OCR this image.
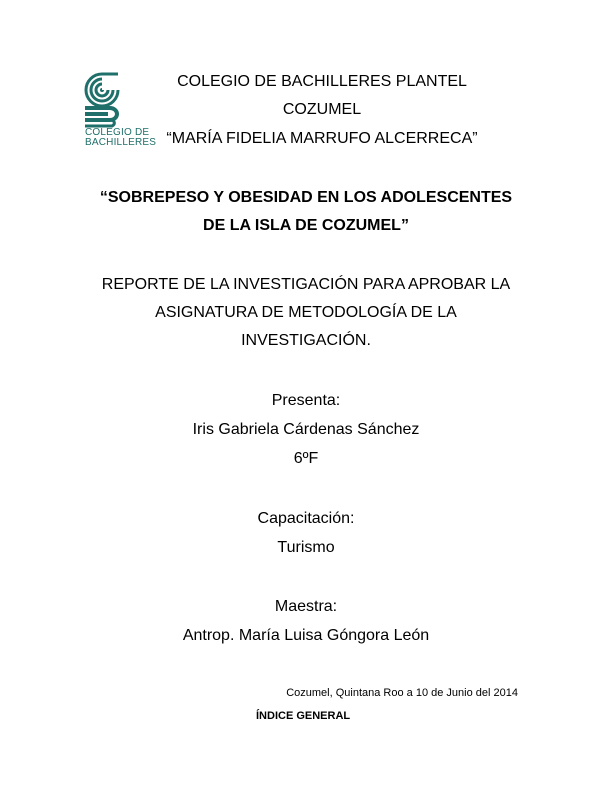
COLEGIO DE
BACHILLERES
COLEGIO DE BACHILLERES PLANTEL
COZUMEL
“MARÍA FIDELIA MARRUFO ALCERRECA”
“SOBREPESO Y OBESIDAD EN LOS ADOLESCENTES
DE LA ISLA DE COZUMEL”
REPORTE DE LA INVESTIGACIÓN PARA APROBAR LA
ASIGNATURA DE METODOLOGÍA DE LA
INVESTIGACIÓN.
Presenta:
Iris Gabriela Cárdenas Sánchez
6ºF
Capacitación:
Turismo
Maestra:
Antrop. María Luisa Góngora León
Cozumel, Quintana Roo a 10 de Junio del 2014
ÍNDICE GENERAL
